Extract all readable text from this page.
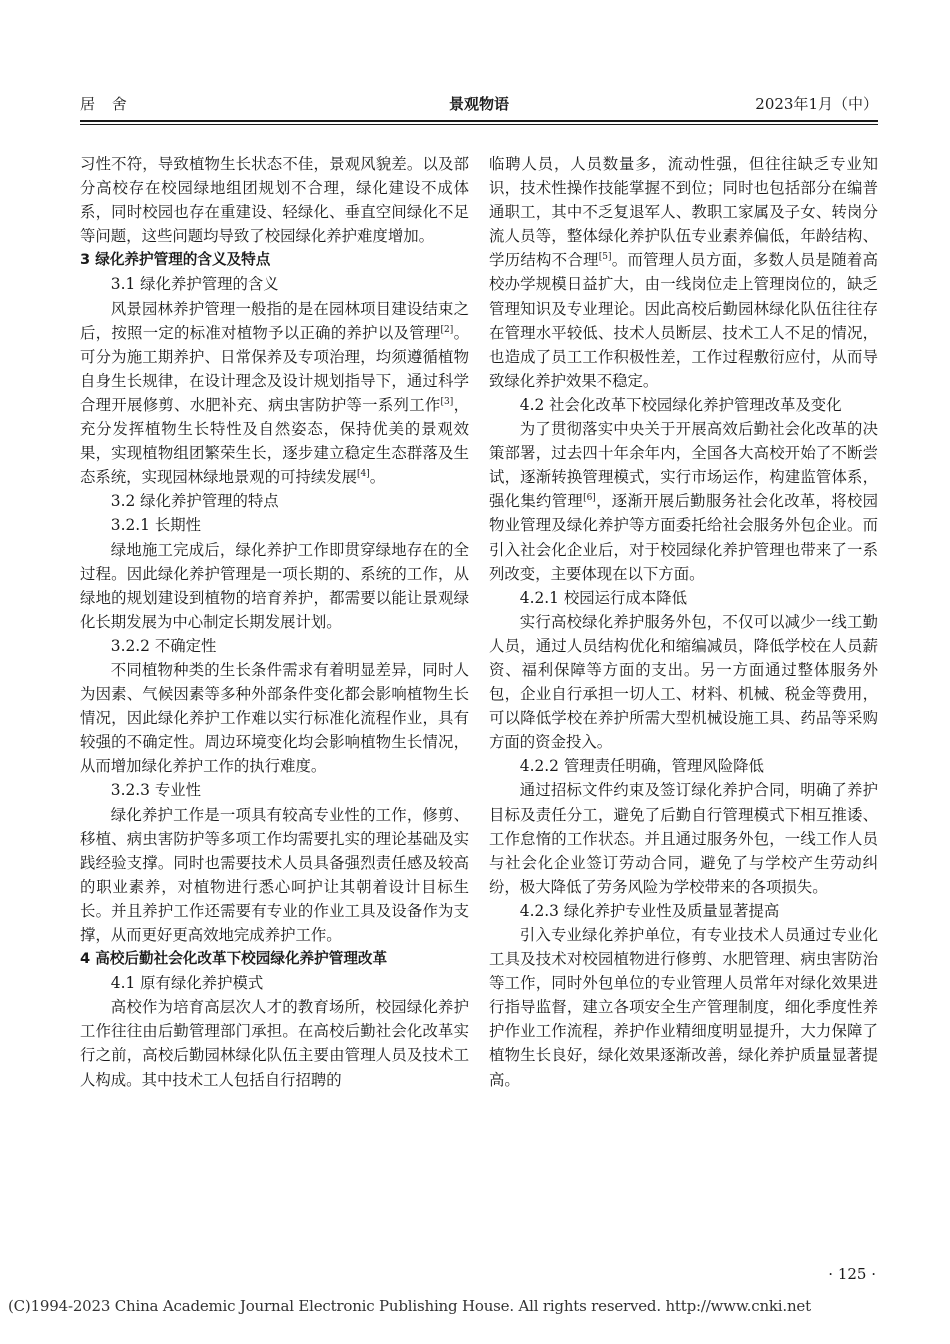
居 舍	景观物语	2023年1月（中）

习性不符，导致植物生长状态不佳，景观风貌差。以及部分高校存在校园绿地组团规划不合理，绿化建设不成体系，同时校园也存在重建设、轻绿化、垂直空间绿化不足等问题，这些问题均导致了校园绿化养护难度增加。

3 绿化养护管理的含义及特点
3.1 绿化养护管理的含义

风景园林养护管理一般指的是在园林项目建设结束之后，按照一定的标准对植物予以正确的养护以及管理[2]。可分为施工期养护、日常保养及专项治理，均须遵循植物自身生长规律，在设计理念及设计规划指导下，通过科学合理开展修剪、水肥补充、病虫害防护等一系列工作[3]，充分发挥植物生长特性及自然姿态，保持优美的景观效果，实现植物组团繁荣生长，逐步建立稳定生态群落及生态系统，实现园林绿地景观的可持续发展[4]。

3.2 绿化养护管理的特点
3.2.1 长期性

绿地施工完成后，绿化养护工作即贯穿绿地存在的全过程。因此绿化养护管理是一项长期的、系统的工作，从绿地的规划建设到植物的培育养护，都需要以能让景观绿化长期发展为中心制定长期发展计划。

3.2.2 不确定性

不同植物种类的生长条件需求有着明显差异，同时人为因素、气候因素等多种外部条件变化都会影响植物生长情况，因此绿化养护工作难以实行标准化流程作业，具有较强的不确定性。周边环境变化均会影响植物生长情况，从而增加绿化养护工作的执行难度。

3.2.3 专业性

绿化养护工作是一项具有较高专业性的工作，修剪、移植、病虫害防护等多项工作均需要扎实的理论基础及实践经验支撑。同时也需要技术人员具备强烈责任感及较高的职业素养，对植物进行悉心呵护让其朝着设计目标生长。并且养护工作还需要有专业的作业工具及设备作为支撑，从而更好更高效地完成养护工作。

4 高校后勤社会化改革下校园绿化养护管理改革
4.1 原有绿化养护模式

高校作为培育高层次人才的教育场所，校园绿化养护工作往往由后勤管理部门承担。在高校后勤社会化改革实行之前，高校后勤园林绿化队伍主要由管理人员及技术工人构成。其中技术工人包括自行招聘的

临聘人员，人员数量多，流动性强，但往往缺乏专业知识，技术性操作技能掌握不到位；同时也包括部分在编普通职工，其中不乏复退军人、教职工家属及子女、转岗分流人员等，整体绿化养护队伍专业素养偏低，年龄结构、学历结构不合理[5]。而管理人员方面，多数人员是随着高校办学规模日益扩大，由一线岗位走上管理岗位的，缺乏管理知识及专业理论。因此高校后勤园林绿化队伍往往存在管理水平较低、技术人员断层、技术工人不足的情况，也造成了员工工作积极性差，工作过程敷衍应付，从而导致绿化养护效果不稳定。

4.2 社会化改革下校园绿化养护管理改革及变化

为了贯彻落实中央关于开展高效后勤社会化改革的决策部署，过去四十年余年内，全国各大高校开始了不断尝试，逐渐转换管理模式，实行市场运作，构建监管体系，强化集约管理[6]，逐渐开展后勤服务社会化改革，将校园物业管理及绿化养护等方面委托给社会服务外包企业。而引入社会化企业后，对于校园绿化养护管理也带来了一系列改变，主要体现在以下方面。

4.2.1 校园运行成本降低

实行高校绿化养护服务外包，不仅可以减少一线工勤人员，通过人员结构优化和缩编减员，降低学校在人员薪资、福利保障等方面的支出。另一方面通过整体服务外包，企业自行承担一切人工、材料、机械、税金等费用，可以降低学校在养护所需大型机械设施工具、药品等采购方面的资金投入。

4.2.2 管理责任明确，管理风险降低

通过招标文件约束及签订绿化养护合同，明确了养护目标及责任分工，避免了后勤自行管理模式下相互推诿、工作怠惰的工作状态。并且通过服务外包，一线工作人员与社会化企业签订劳动合同，避免了与学校产生劳动纠纷，极大降低了劳务风险为学校带来的各项损失。

4.2.3 绿化养护专业性及质量显著提高

引入专业绿化养护单位，有专业技术人员通过专业化工具及技术对校园植物进行修剪、水肥管理、病虫害防治等工作，同时外包单位的专业管理人员常年对绿化效果进行指导监督，建立各项安全生产管理制度，细化季度性养护作业工作流程，养护作业精细度明显提升，大力保障了植物生长良好，绿化效果逐渐改善，绿化养护质量显著提高。

· 125 ·
(C)1994-2023 China Academic Journal Electronic Publishing House. All rights reserved. http://www.cnki.net
